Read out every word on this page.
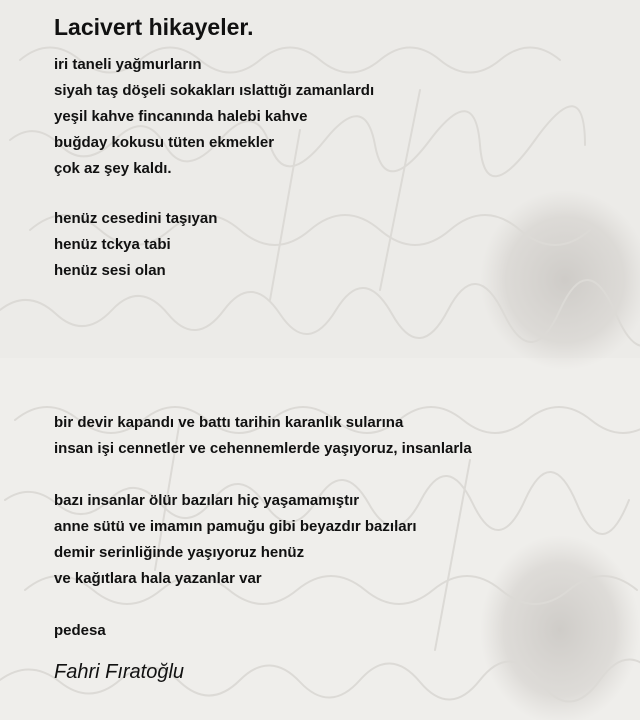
Lacivert hikayeler.
iri taneli yağmurların
siyah taş döşeli sokakları ıslattığı zamanlardı
yeşil kahve fincanında halebi kahve
buğday kokusu tüten ekmekler
çok az şey kaldı.
henüz cesedini taşıyan
henüz tckya tabi
henüz sesi olan
bir devir kapandı ve battı tarihin karanlık sularına
insan işi cennetler ve cehennemlerde yaşıyoruz, insanlarla
bazı insanlar ölür bazıları hiç yaşamamıştır
anne sütü ve imamın pamuğu gibi beyazdır bazıları
demir serinliğinde yaşıyoruz henüz
ve kağıtlara hala yazanlar var
pedesa

Fahri Fıratoğlu
